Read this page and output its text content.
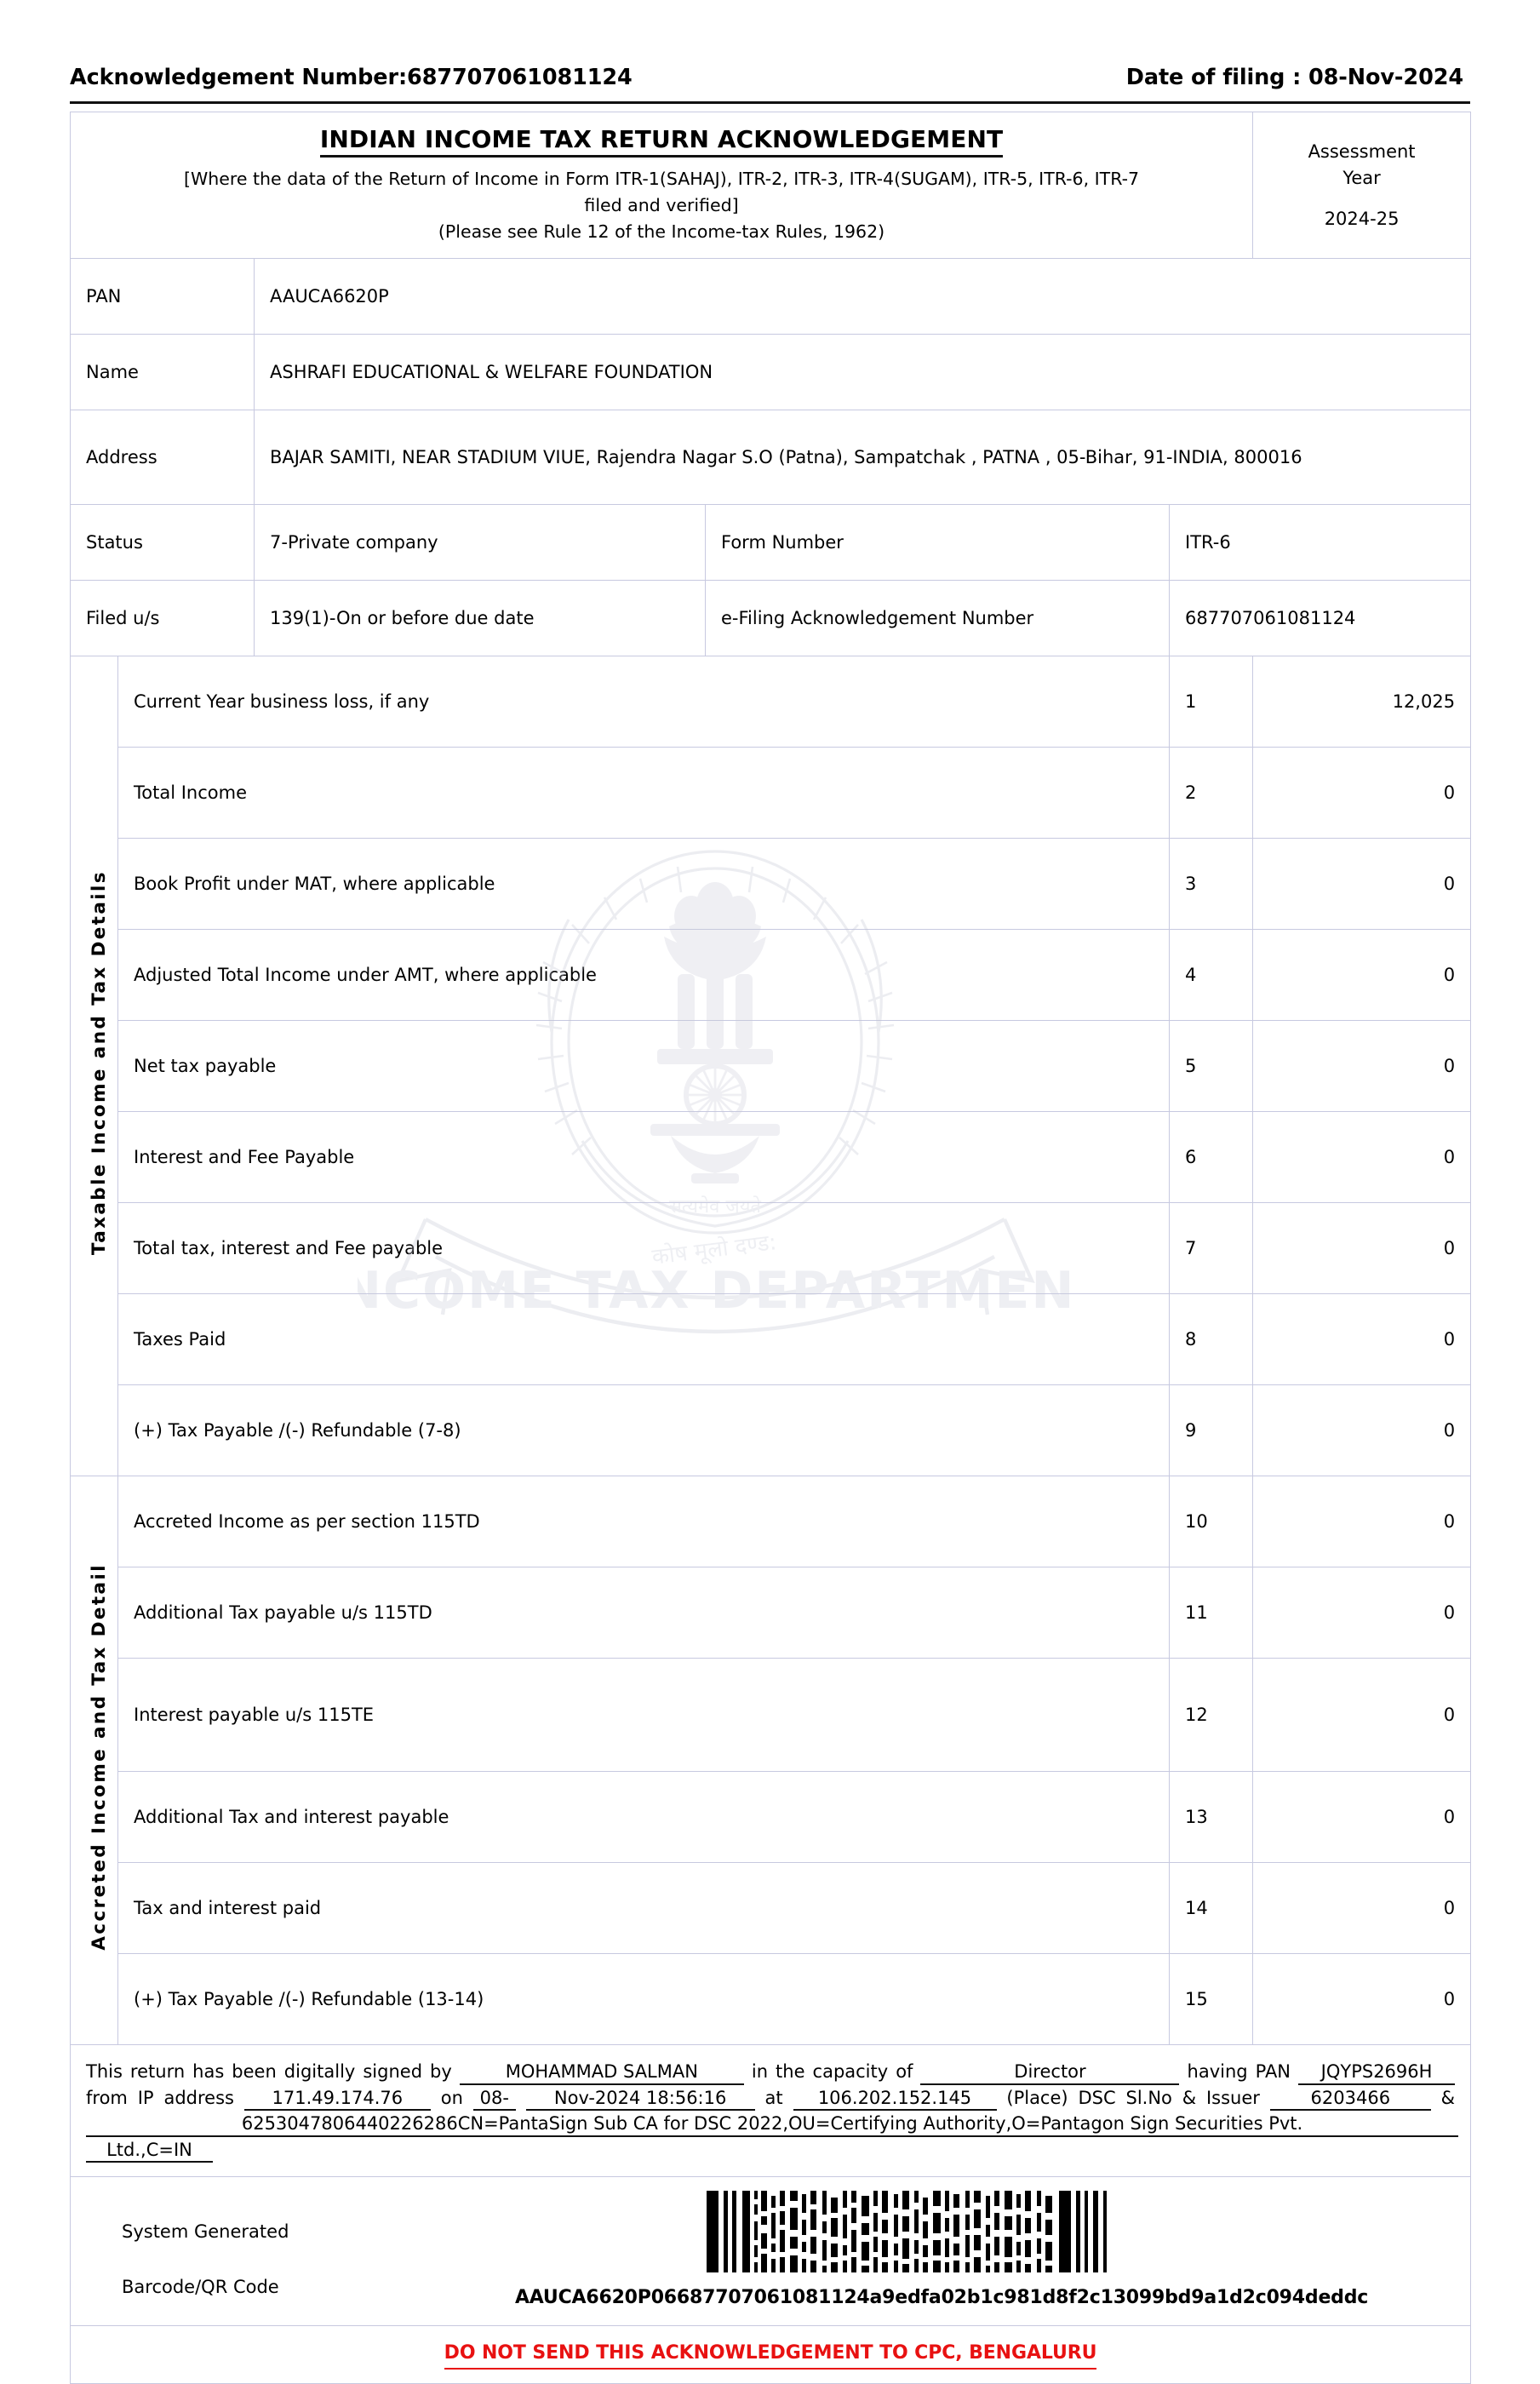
Acknowledgement Number:687707061081124	Date of filing : 08-Nov-2024
सत्यमेव जयते
कोष मूलो दण्ड:
INCOME TAX DEPARTMENT
INDIAN INCOME TAX RETURN ACKNOWLEDGEMENT
[Where the data of the Return of Income in Form ITR-1(SAHAJ), ITR-2, ITR-3, ITR-4(SUGAM), ITR-5, ITR-6, ITR-7
filed and verified]
(Please see Rule 12 of the Income-tax Rules, 1962)

Assessment
Year
2024-25

PAN		AAUCA6620P			
Name		ASHRAFI EDUCATIONAL & WELFARE FOUNDATION			
Address		BAJAR SAMITI, NEAR STADIUM VIUE, Rajendra Nagar S.O (Patna), Sampatchak , PATNA , 05-Bihar, 91-INDIA, 800016			
Status		7-Private company	Form Number	ITR-6	
Filed u/s		139(1)-On or before due date	e-Filing Acknowledgement Number	687707061081124	
Taxable Income and Tax Details	Current Year business loss, if any			1	12,025
	Total Income			2	0
	Book Profit under MAT, where applicable			3	0
	Adjusted Total Income under AMT, where applicable			4	0
	Net tax payable			5	0
	Interest and Fee Payable			6	0
	Total tax, interest and Fee payable			7	0
	Taxes Paid			8	0
	(+) Tax Payable /(-) Refundable (7-8)			9	0
Accreted Income and Tax Detail	Accreted Income as per section 115TD			10	0
	Additional Tax payable u/s 115TD			11	0
	Interest payable u/s 115TE			12	0
	Additional Tax and interest payable			13	0
	Tax and interest paid			14	0
	(+) Tax Payable /(-) Refundable (13-14)			15	0
This return has been digitally signed by MOHAMMAD SALMAN in the capacity of Director having PAN JQYPS2696H from IP address 171.49.174.76 on 08- Nov-2024 18:56:16 at 106.202.152.145 (Place) DSC Sl.No & Issuer 6203466 & 6253047806440226286CN=PantaSign Sub CA for DSC 2022,OU=Certifying Authority,O=Pantagon Sign Securities Pvt. Ltd.,C=IN					

System Generated
Barcode/QR Code
AAUCA6620P06687707061081124a9edfa02b1c981d8f2c13099bd9a1d2c094deddc					

DO NOT SEND THIS ACKNOWLEDGEMENT TO CPC, BENGALURU					
